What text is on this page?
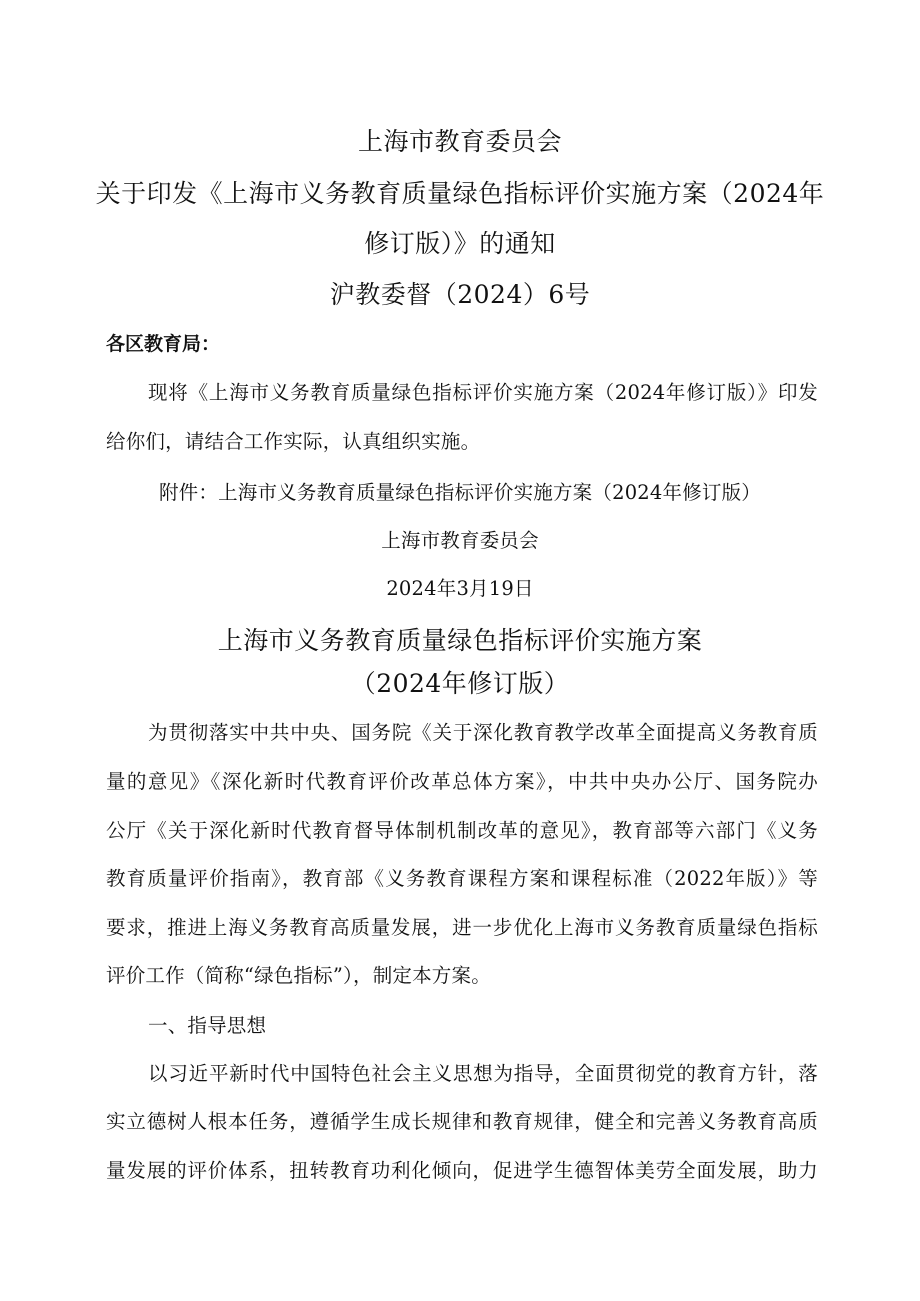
上海市教育委员会

关于印发《上海市义务教育质量绿色指标评价实施方案（2024年

修订版）》的通知

沪教委督（2024）6号

各区教育局：

现将《上海市义务教育质量绿色指标评价实施方案（2024年修订版）》印发

给你们，请结合工作实际，认真组织实施。

附件：上海市义务教育质量绿色指标评价实施方案（2024年修订版）

上海市教育委员会

2024年3月19日

上海市义务教育质量绿色指标评价实施方案

（2024年修订版）

为贯彻落实中共中央、国务院《关于深化教育教学改革全面提高义务教育质

量的意见》《深化新时代教育评价改革总体方案》，中共中央办公厅、国务院办

公厅《关于深化新时代教育督导体制机制改革的意见》，教育部等六部门《义务

教育质量评价指南》，教育部《义务教育课程方案和课程标准（2022年版）》等

要求，推进上海义务教育高质量发展，进一步优化上海市义务教育质量绿色指标

评价工作（简称“绿色指标”），制定本方案。

一、指导思想

以习近平新时代中国特色社会主义思想为指导，全面贯彻党的教育方针，落

实立德树人根本任务，遵循学生成长规律和教育规律，健全和完善义务教育高质

量发展的评价体系，扭转教育功利化倾向，促进学生德智体美劳全面发展，助力
